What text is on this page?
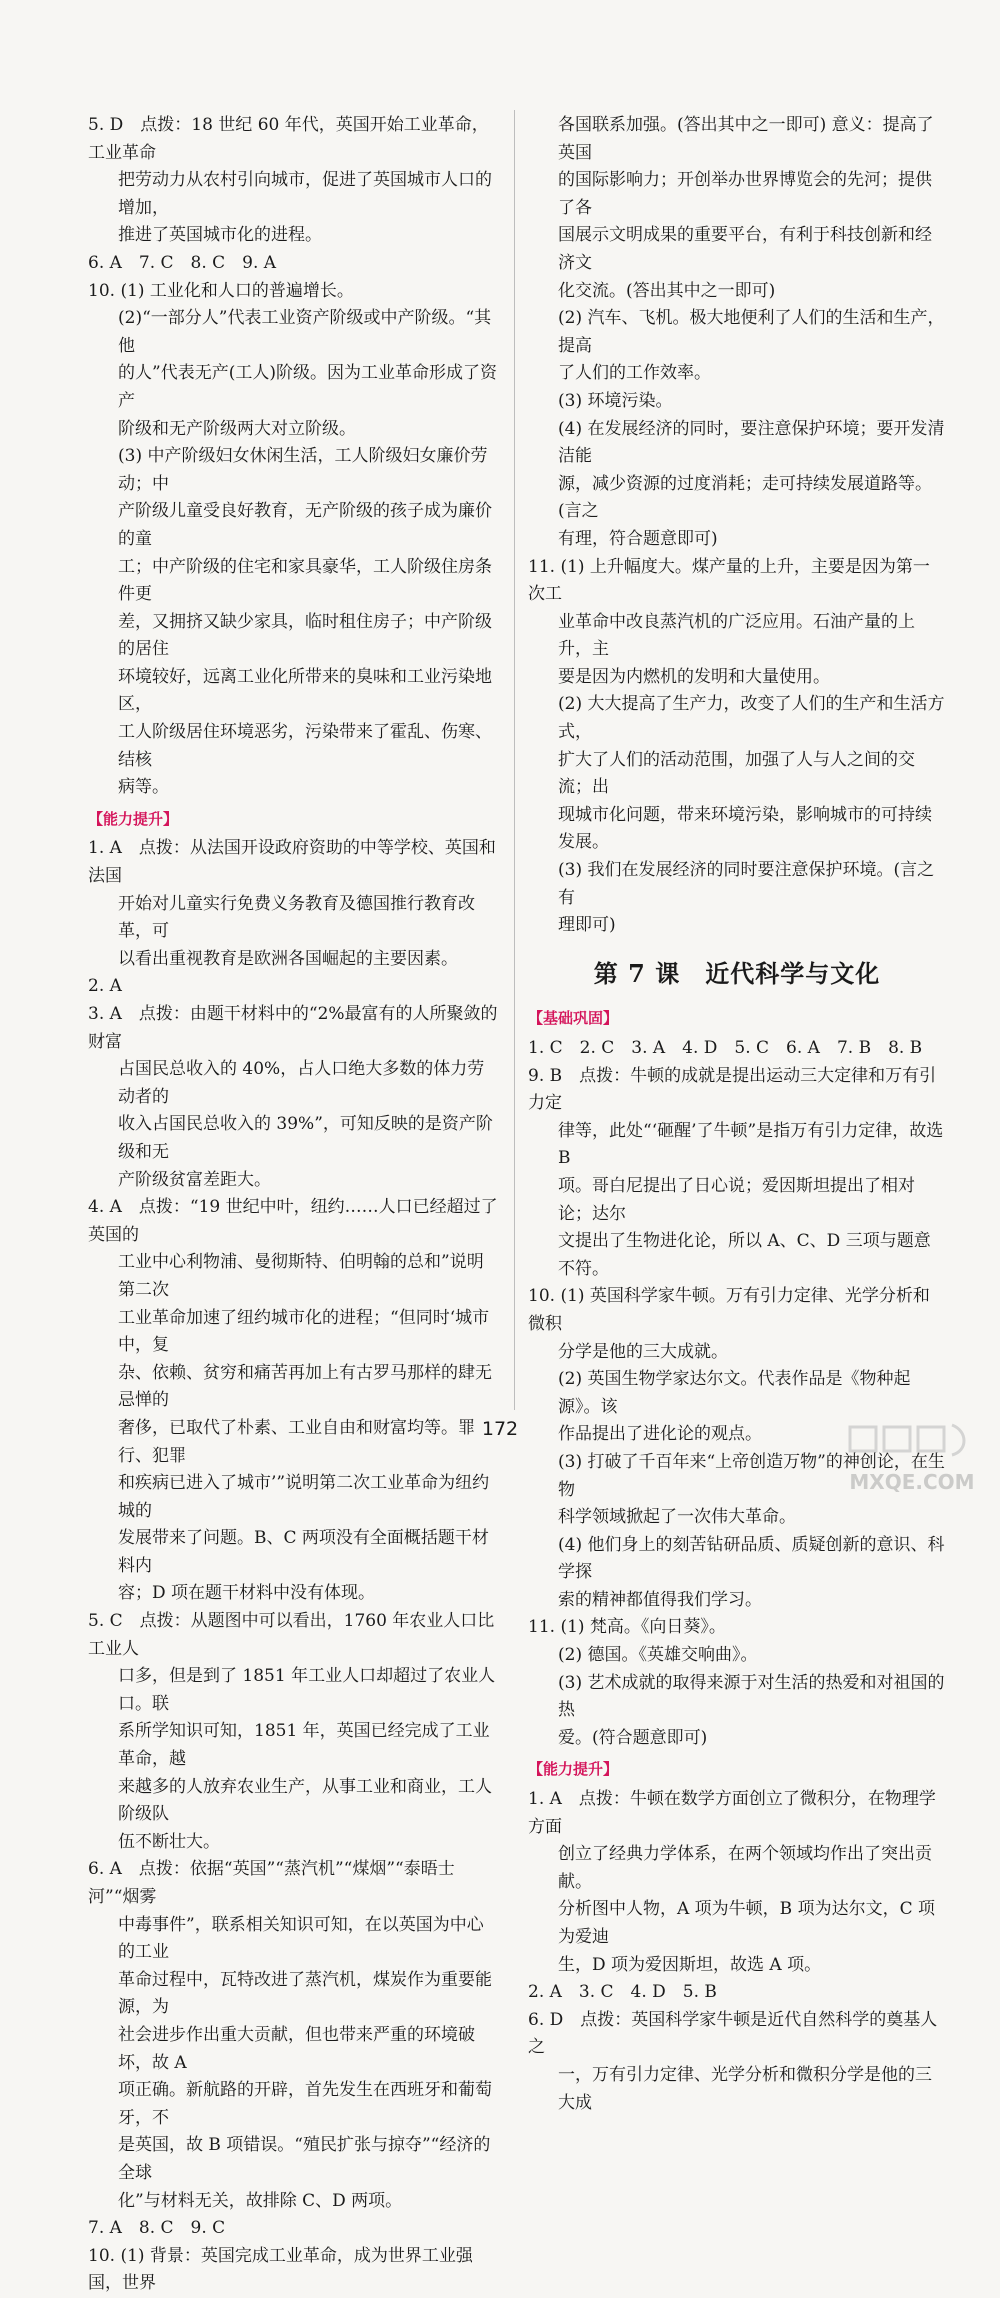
5. D　点拨：18 世纪 60 年代，英国开始工业革命，工业革命
把劳动力从农村引向城市，促进了英国城市人口的增加，
推进了英国城市化的进程。
6. A　7. C　8. C　9. A
10. (1) 工业化和人口的普遍增长。
(2)“一部分人”代表工业资产阶级或中产阶级。“其他
的人”代表无产(工人)阶级。因为工业革命形成了资产
阶级和无产阶级两大对立阶级。
(3) 中产阶级妇女休闲生活，工人阶级妇女廉价劳动；中
产阶级儿童受良好教育，无产阶级的孩子成为廉价的童
工；中产阶级的住宅和家具豪华，工人阶级住房条件更
差，又拥挤又缺少家具，临时租住房子；中产阶级的居住
环境较好，远离工业化所带来的臭味和工业污染地区，
工人阶级居住环境恶劣，污染带来了霍乱、伤寒、结核
病等。
【能力提升】
1. A　点拨：从法国开设政府资助的中等学校、英国和法国
开始对儿童实行免费义务教育及德国推行教育改革，可
以看出重视教育是欧洲各国崛起的主要因素。
2. A
3. A　点拨：由题干材料中的“2%最富有的人所聚敛的财富
占国民总收入的 40%，占人口绝大多数的体力劳动者的
收入占国民总收入的 39%”，可知反映的是资产阶级和无
产阶级贫富差距大。
4. A　点拨：“19 世纪中叶，纽约……人口已经超过了英国的
工业中心利物浦、曼彻斯特、伯明翰的总和”说明第二次
工业革命加速了纽约城市化的进程；“但同时‘城市中，复
杂、依赖、贫穷和痛苦再加上有古罗马那样的肆无忌惮的
奢侈，已取代了朴素、工业自由和财富均等。罪行、犯罪
和疾病已进入了城市’”说明第二次工业革命为纽约城的
发展带来了问题。B、C 两项没有全面概括题干材料内
容；D 项在题干材料中没有体现。
5. C　点拨：从题图中可以看出，1760 年农业人口比工业人
口多，但是到了 1851 年工业人口却超过了农业人口。联
系所学知识可知，1851 年，英国已经完成了工业革命，越
来越多的人放弃农业生产，从事工业和商业，工人阶级队
伍不断壮大。
6. A　点拨：依据“英国”“蒸汽机”“煤烟”“泰晤士河”“烟雾
中毒事件”，联系相关知识可知，在以英国为中心的工业
革命过程中，瓦特改进了蒸汽机，煤炭作为重要能源，为
社会进步作出重大贡献，但也带来严重的环境破坏，故 A
项正确。新航路的开辟，首先发生在西班牙和葡萄牙，不
是英国，故 B 项错误。“殖民扩张与掠夺”“经济的全球
化”与材料无关，故排除 C、D 两项。
7. A　8. C　9. C
10. (1) 背景：英国完成工业革命，成为世界工业强国，世界
各国联系加强。(答出其中之一即可) 意义：提高了英国
的国际影响力；开创举办世界博览会的先河；提供了各
国展示文明成果的重要平台，有利于科技创新和经济文
化交流。(答出其中之一即可)
(2) 汽车、飞机。极大地便利了人们的生活和生产，提高
了人们的工作效率。
(3) 环境污染。
(4) 在发展经济的同时，要注意保护环境；要开发清洁能
源，减少资源的过度消耗；走可持续发展道路等。(言之
有理，符合题意即可)
11. (1) 上升幅度大。煤产量的上升，主要是因为第一次工
业革命中改良蒸汽机的广泛应用。石油产量的上升，主
要是因为内燃机的发明和大量使用。
(2) 大大提高了生产力，改变了人们的生产和生活方式，
扩大了人们的活动范围，加强了人与人之间的交流；出
现城市化问题，带来环境污染，影响城市的可持续发展。
(3) 我们在发展经济的同时要注意保护环境。(言之有
理即可)
第 7 课　近代科学与文化
【基础巩固】
1. C　2. C　3. A　4. D　5. C　6. A　7. B　8. B
9. B　点拨：牛顿的成就是提出运动三大定律和万有引力定
律等，此处“‘砸醒’了牛顿”是指万有引力定律，故选 B
项。哥白尼提出了日心说；爱因斯坦提出了相对论；达尔
文提出了生物进化论，所以 A、C、D 三项与题意不符。
10. (1) 英国科学家牛顿。万有引力定律、光学分析和微积
分学是他的三大成就。
(2) 英国生物学家达尔文。代表作品是《物种起源》。该
作品提出了进化论的观点。
(3) 打破了千百年来“上帝创造万物”的神创论，在生物
科学领域掀起了一次伟大革命。
(4) 他们身上的刻苦钻研品质、质疑创新的意识、科学探
索的精神都值得我们学习。
11. (1) 梵高。《向日葵》。
(2) 德国。《英雄交响曲》。
(3) 艺术成就的取得来源于对生活的热爱和对祖国的热
爱。(符合题意即可)
【能力提升】
1. A　点拨：牛顿在数学方面创立了微积分，在物理学方面
创立了经典力学体系，在两个领域均作出了突出贡献。
分析图中人物，A 项为牛顿，B 项为达尔文，C 项为爱迪
生，D 项为爱因斯坦，故选 A 项。
2. A　3. C　4. D　5. B
6. D　点拨：英国科学家牛顿是近代自然科学的奠基人之
一，万有引力定律、光学分析和微积分学是他的三大成
172
MXQE.COM
